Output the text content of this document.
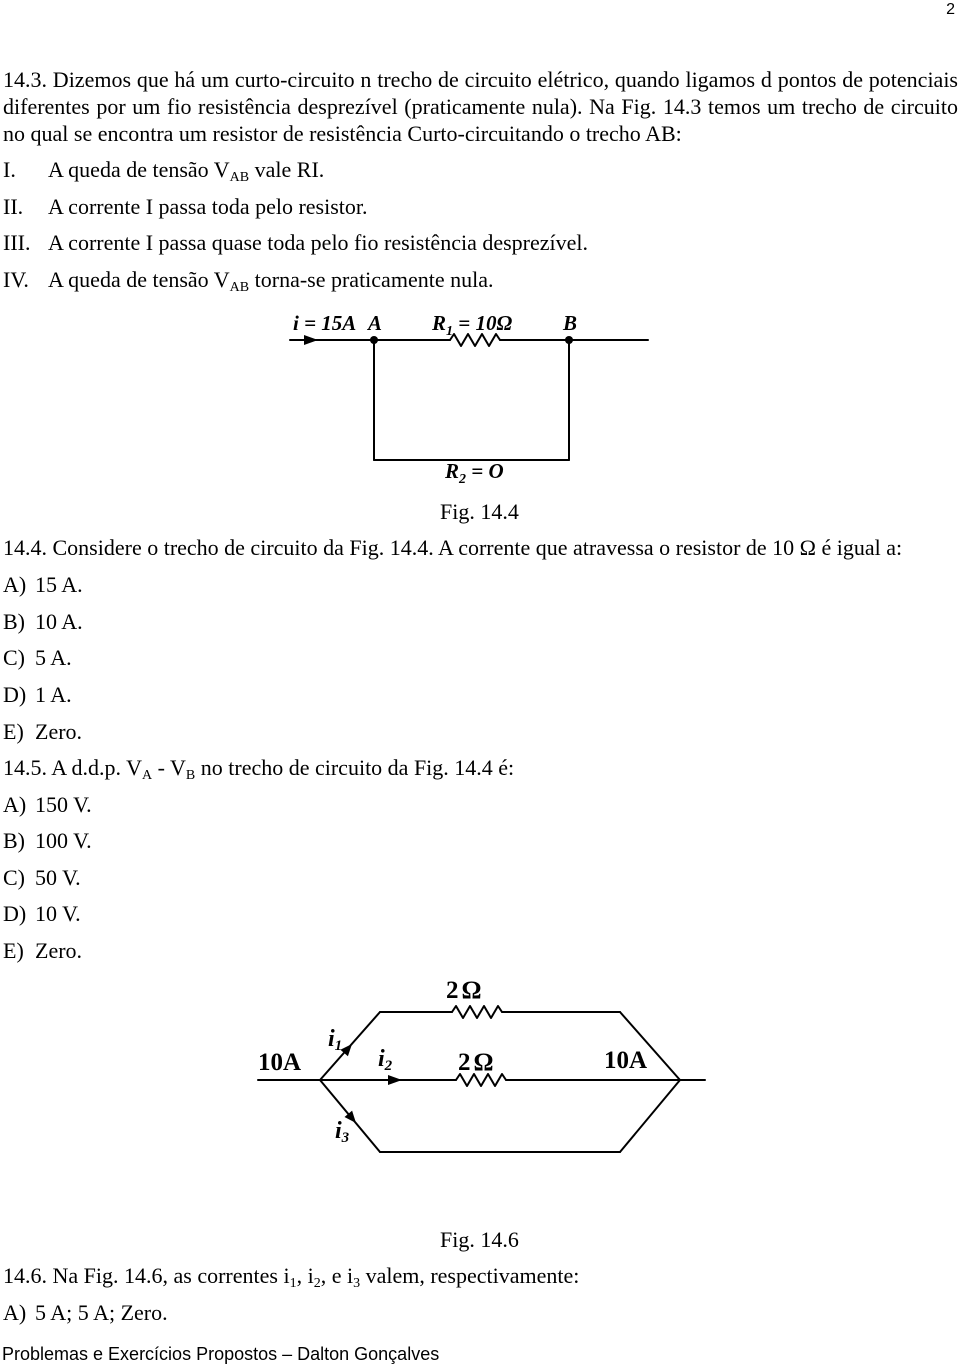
2
14.3. Dizemos que há um curto-circuito n trecho de circuito elétrico, quando ligamos d pontos de potenciais
diferentes por um fio resistência desprezível (praticamente nula). Na Fig. 14.3 temos um trecho de circuito
no qual se encontra um resistor de resistência Curto-circuitando o trecho AB:
I. A queda de tensão $V_{AB}$ vale RI.
II. A corrente I passa toda pelo resistor.
III. A corrente I passa quase toda pelo fio resistência desprezível.
IV. A queda de tensão $V_{AB}$ torna-se praticamente nula.
i = 15A A $R_1 = 10\Omega$ B
$R_2 = O$
Fig. 14.4
14.4. Considere o trecho de circuito da Fig. 14.4. A corrente que atravessa o resistor de 10 Ω é igual a:
A) 15 A.
B) 10 A.
C) 5 A.
D) 1 A.
E) Zero.
14.5. A d.d.p. $V_A - V_B$ no trecho de circuito da Fig. 14.4 é:
A) 150 V.
B) 100 V.
C) 50 V.
D) 10 V.
E) Zero.
2Ω
10A	10A
2Ω
i2
i1
i3
Fig. 14.6
14.6. Na Fig. 14.6, as correntes $i_1$, $i_2$, e $i_3$ valem, respectivamente:
A) 5 A; 5 A; Zero.
Problemas e Exercícios Propostos – Dalton Gonçalves
